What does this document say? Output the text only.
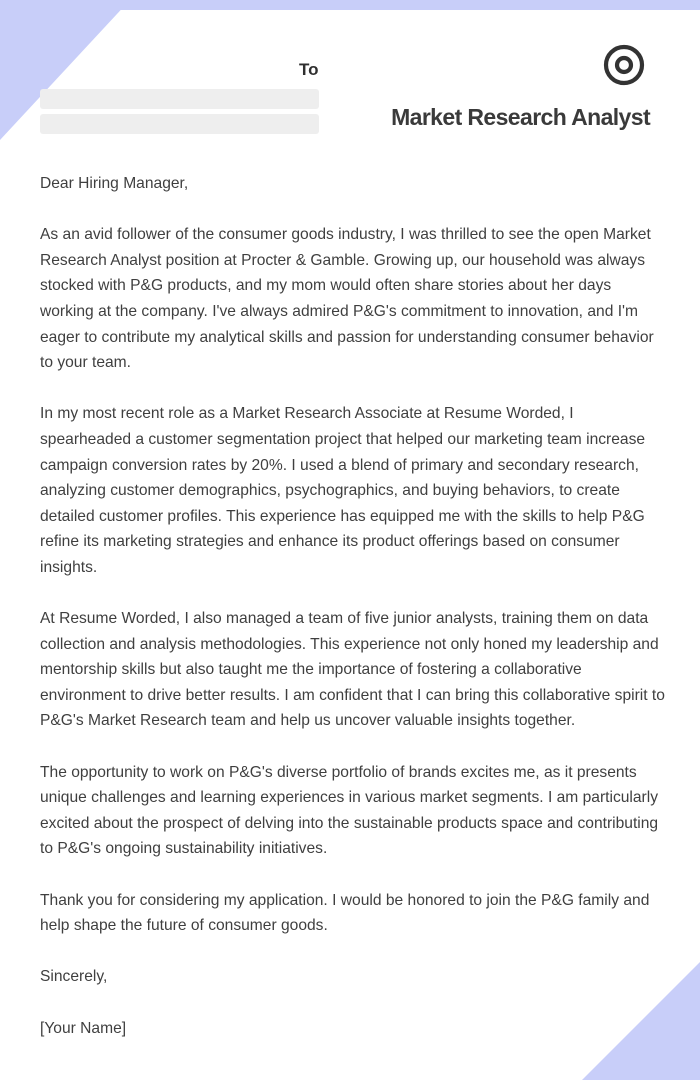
To
Market Research Analyst

Dear Hiring Manager,

As an avid follower of the consumer goods industry, I was thrilled to see the open Market Research Analyst position at Procter & Gamble. Growing up, our household was always stocked with P&G products, and my mom would often share stories about her days working at the company. I've always admired P&G's commitment to innovation, and I'm eager to contribute my analytical skills and passion for understanding consumer behavior to your team.

In my most recent role as a Market Research Associate at Resume Worded, I spearheaded a customer segmentation project that helped our marketing team increase campaign conversion rates by 20%. I used a blend of primary and secondary research, analyzing customer demographics, psychographics, and buying behaviors, to create detailed customer profiles. This experience has equipped me with the skills to help P&G refine its marketing strategies and enhance its product offerings based on consumer insights.

At Resume Worded, I also managed a team of five junior analysts, training them on data collection and analysis methodologies. This experience not only honed my leadership and mentorship skills but also taught me the importance of fostering a collaborative environment to drive better results. I am confident that I can bring this collaborative spirit to P&G's Market Research team and help us uncover valuable insights together.

The opportunity to work on P&G's diverse portfolio of brands excites me, as it presents unique challenges and learning experiences in various market segments. I am particularly excited about the prospect of delving into the sustainable products space and contributing to P&G's ongoing sustainability initiatives.

Thank you for considering my application. I would be honored to join the P&G family and help shape the future of consumer goods.

Sincerely,

[Your Name]
